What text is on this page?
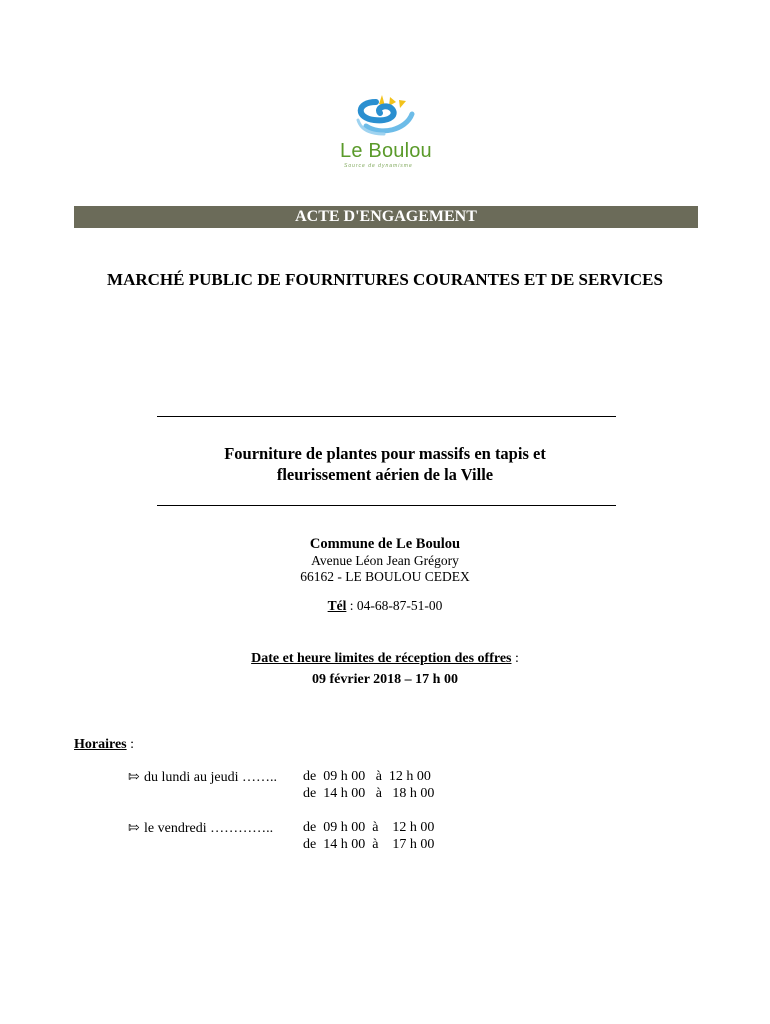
Le Boulou
Source de dynamisme
ACTE D'ENGAGEMENT
MARCHÉ PUBLIC DE FOURNITURES COURANTES ET DE SERVICES
Fourniture de plantes pour massifs en tapis et
fleurissement aérien de la Ville
Commune de Le Boulou
Avenue Léon Jean Grégory
66162 - LE BOULOU CEDEX
Tél : 04-68-87-51-00
Date et heure limites de réception des offres :
09 février 2018 – 17 h 00
Horaires :
⇰ du lundi au jeudi …….. de  09 h 00   à  12 h 00
de  14 h 00   à   18 h 00
⇰ le vendredi ………….. de  09 h 00  à    12 h 00
de  14 h 00  à    17 h 00
